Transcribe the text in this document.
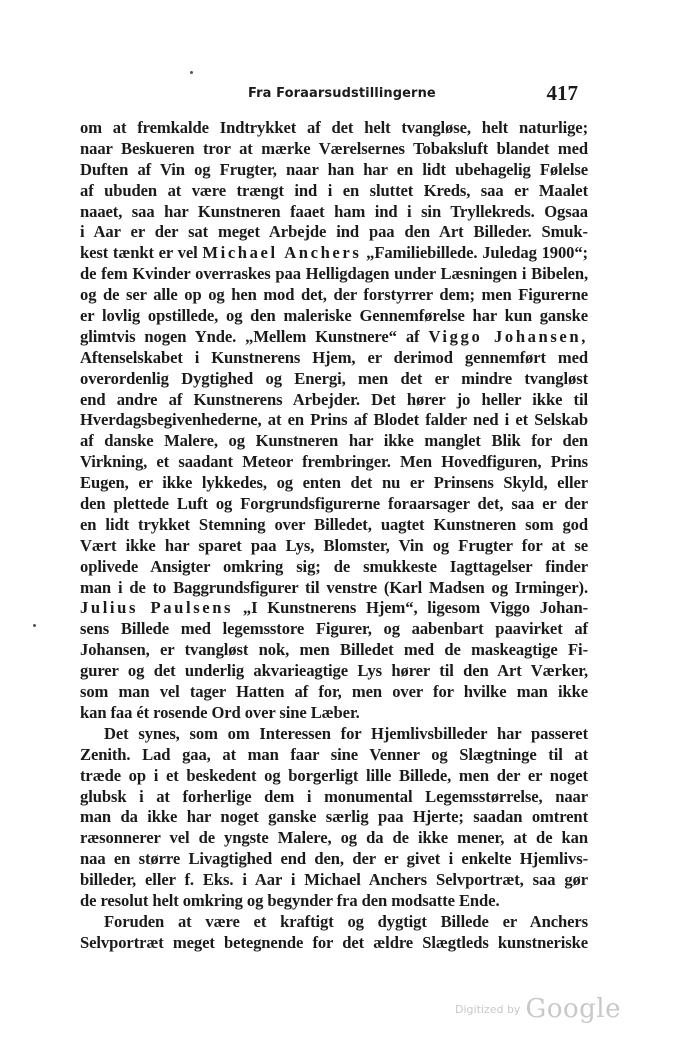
Fra Foraarsudstillingerne	417
om at fremkalde Indtrykket af det helt tvangløse, helt naturlige;
naar Beskueren tror at mærke Værelsernes Tobaksluft blandet med
Duften af Vin og Frugter, naar han har en lidt ubehagelig Følelse
af ubuden at være trængt ind i en sluttet Kreds, saa er Maalet
naaet, saa har Kunstneren faaet ham ind i sin Tryllekreds. Ogsaa
i Aar er der sat meget Arbejde ind paa den Art Billeder. Smuk-
kest tænkt er vel Michael Anchers „Familiebillede. Juledag 1900“;
de fem Kvinder overraskes paa Helligdagen under Læsningen i Bibelen,
og de ser alle op og hen mod det, der forstyrrer dem; men Figurerne
er lovlig opstillede, og den maleriske Gennemførelse har kun ganske
glimtvis nogen Ynde. „Mellem Kunstnere“ af Viggo Johansen,
Aftenselskabet i Kunstnerens Hjem, er derimod gennemført med
overordenlig Dygtighed og Energi, men det er mindre tvangløst
end andre af Kunstnerens Arbejder. Det hører jo heller ikke til
Hverdagsbegivenhederne, at en Prins af Blodet falder ned i et Selskab
af danske Malere, og Kunstneren har ikke manglet Blik for den
Virkning, et saadant Meteor frembringer. Men Hovedfiguren, Prins
Eugen, er ikke lykkedes, og enten det nu er Prinsens Skyld, eller
den plettede Luft og Forgrundsfigurerne foraarsager det, saa er der
en lidt trykket Stemning over Billedet, uagtet Kunstneren som god
Vært ikke har sparet paa Lys, Blomster, Vin og Frugter for at se
oplivede Ansigter omkring sig; de smukkeste Iagttagelser finder
man i de to Baggrundsfigurer til venstre (Karl Madsen og Irminger).
Julius Paulsens „I Kunstnerens Hjem“, ligesom Viggo Johan-
sens Billede med legemsstore Figurer, og aabenbart paavirket af
Johansen, er tvangløst nok, men Billedet med de maskeagtige Fi-
gurer og det underlig akvarieagtige Lys hører til den Art Værker,
som man vel tager Hatten af for, men over for hvilke man ikke
kan faa ét rosende Ord over sine Læber.
Det synes, som om Interessen for Hjemlivsbilleder har passeret
Zenith. Lad gaa, at man faar sine Venner og Slægtninge til at
træde op i et beskedent og borgerligt lille Billede, men der er noget
glubsk i at forherlige dem i monumental Legemsstørrelse, naar
man da ikke har noget ganske særlig paa Hjerte; saadan omtrent
ræsonnerer vel de yngste Malere, og da de ikke mener, at de kan
naa en større Livagtighed end den, der er givet i enkelte Hjemlivs-
billeder, eller f. Eks. i Aar i Michael Anchers Selvportræt, saa gør
de resolut helt omkring og begynder fra den modsatte Ende.
Foruden at være et kraftigt og dygtigt Billede er Anchers
Selvportræt meget betegnende for det ældre Slægtleds kunstneriske
$^{Digitized by}$ Google
